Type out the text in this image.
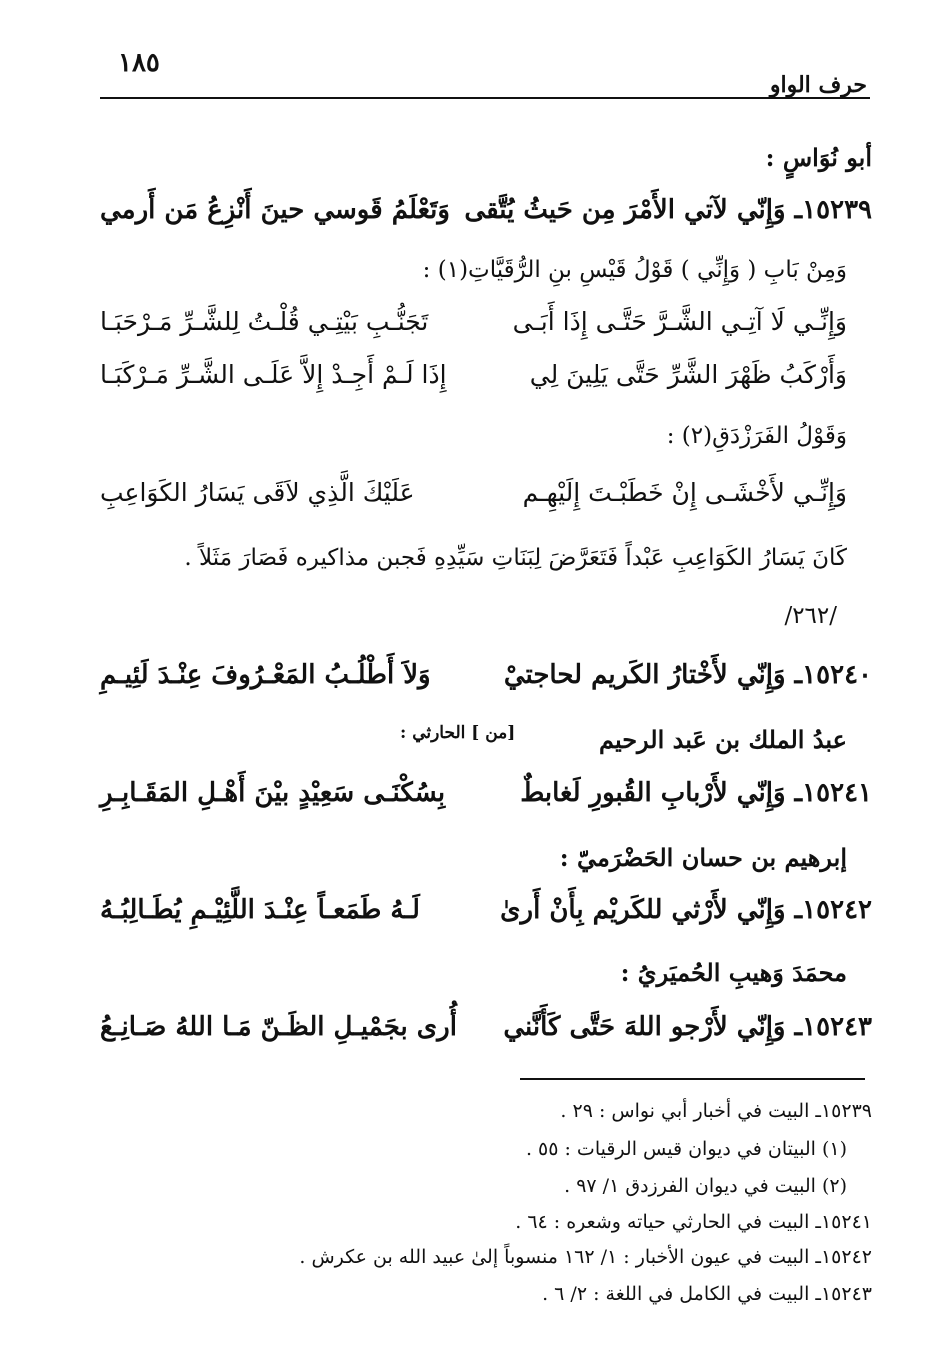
١٨٥
حرف الواو
أبو نُوَاسٍ :
١٥٢٣٩ـ وَإِنّي لآتي الأَمْرَ مِن حَيثُ يُتَّقى
وَتَعْلَمُ قَوسي حينَ أَنْزِعُ مَن أَرمي
وَمِنْ بَابِ ( وَإِنِّي ) قَوْلُ قَيْسِ بنِ الرُّقَيَّاتِ(١) :
وَإِنِّـي لَا آتِـي الشَّـرَّ حَتَّـى إِذَا أَبَـى
تَجَنُّـبِ بَيْتِـي قُلْـتُ لِلشَّـرِّ مَـرْحَبَـا
وَأَرْكَبُ ظَهْرَ الشَّرِّ حَتَّى يَلِينَ لِي
إِذَا لَـمْ أَجِـدْ إِلاَّ عَلَـى الشَّـرِّ مَـرْكَبَـا
وَقَوْلُ الفَرَزْدَقِ(٢) :
وَإِنِّـي لأَخْشَـى إِنْ خَطَبْـتَ إِلَيْهِـم
عَلَيْكَ الَّذِي لاَقَى يَسَارُ الكَوَاعِبِ
كَانَ يَسَارُ الكَوَاعِبِ عَبْداً فَتَعَرَّضَ لِبَنَاتِ سَيِّدِهِ فَجبن مذاكيره فَصَارَ مَثَلاً .
/٢٦٢/
١٥٢٤٠ـ وَإِنّي لأَخْتارُ الكَريم لحاجتيْ
وَلاَ أَطْلُـبُ المَعْـرُوفَ عِنْـدَ لَئِيـمِ
عبدُ الملك بن عَبد الرحيم
[من ] الحارثي :
١٥٢٤١ـ وَإِنّي لأَرْبابِ القُبورِ لَغابطٌ
بِسُكْنَـى سَعِيْدٍ بيْنَ أَهْـلِ المَقَـابِـرِ
إبرهيم بن حسان الحَضْرَميّ :
١٥٢٤٢ـ وَإِنّي لأَرْثي للكَريْم بِأَنْ أَرىٰ
لَـهُ طَمَعـاً عِنْـدَ اللَّئِيْـمِ يُطَـالِبُـهُ
محمَدَ وَهيبِ الحُميَريُ :
١٥٢٤٣ـ وَإِنّي لأَرْجو اللهَ حَتَّى كَأَنَّني
أُرى بجَمْيـلِ الظَـنّ مَـا اللهُ صَـانِـعُ
١٥٢٣٩ـ البيت في أخبار أبي نواس : ٢٩ .
(١) البيتان في ديوان قيس الرقيات : ٥٥ .
(٢) البيت في ديوان الفرزدق ١/ ٩٧ .
١٥٢٤١ـ البيت في الحارثي حياته وشعره : ٦٤ .
١٥٢٤٢ـ البيت في عيون الأخبار : ١/ ١٦٢ منسوباً إلىٰ عبيد الله بن عكرش .
١٥٢٤٣ـ البيت في الكامل في اللغة : ٢/ ٦ .
